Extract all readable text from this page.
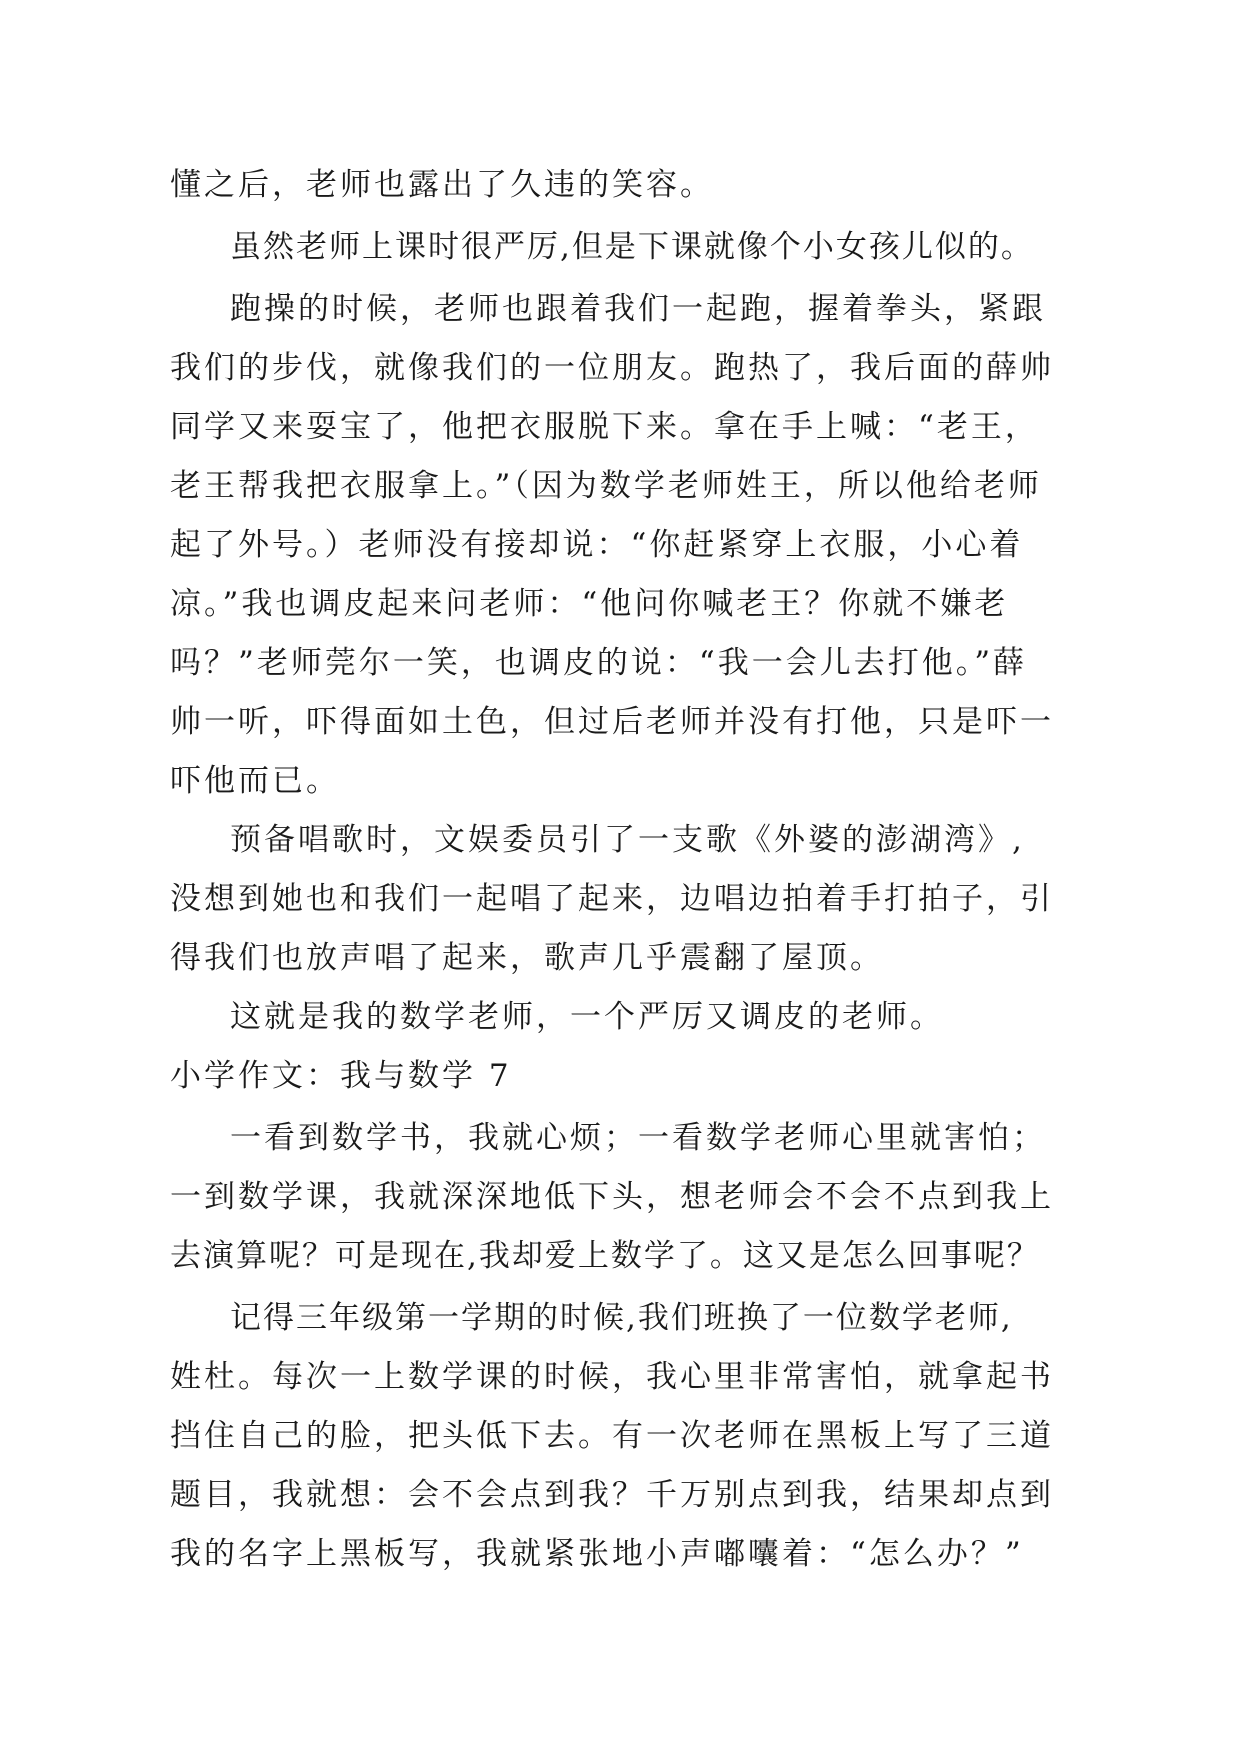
懂之后，老师也露出了久违的笑容。
虽然老师上课时很严厉,但是下课就像个小女孩儿似的。
跑操的时候，老师也跟着我们一起跑，握着拳头，紧跟
我们的步伐，就像我们的一位朋友。跑热了，我后面的薛帅
同学又来耍宝了，他把衣服脱下来。拿在手上喊：“老王，
老王帮我把衣服拿上。”（因为数学老师姓王，所以他给老师
起了外号。）老师没有接却说：“你赶紧穿上衣服，小心着
凉。”我也调皮起来问老师：“他问你喊老王？你就不嫌老
吗？”老师莞尔一笑，也调皮的说：“我一会儿去打他。”薛
帅一听，吓得面如土色，但过后老师并没有打他，只是吓一
吓他而已。
预备唱歌时，文娱委员引了一支歌《外婆的澎湖湾》,
没想到她也和我们一起唱了起来，边唱边拍着手打拍子，引
得我们也放声唱了起来，歌声几乎震翻了屋顶。
这就是我的数学老师，一个严厉又调皮的老师。
小学作文：我与数学 7
一看到数学书，我就心烦；一看数学老师心里就害怕；
一到数学课，我就深深地低下头，想老师会不会不点到我上
去演算呢？可是现在,我却爱上数学了。这又是怎么回事呢？
记得三年级第一学期的时候,我们班换了一位数学老师,
姓杜。每次一上数学课的时候，我心里非常害怕，就拿起书
挡住自己的脸，把头低下去。有一次老师在黑板上写了三道
题目，我就想：会不会点到我？千万别点到我，结果却点到
我的名字上黑板写，我就紧张地小声嘟囔着：“怎么办？”
